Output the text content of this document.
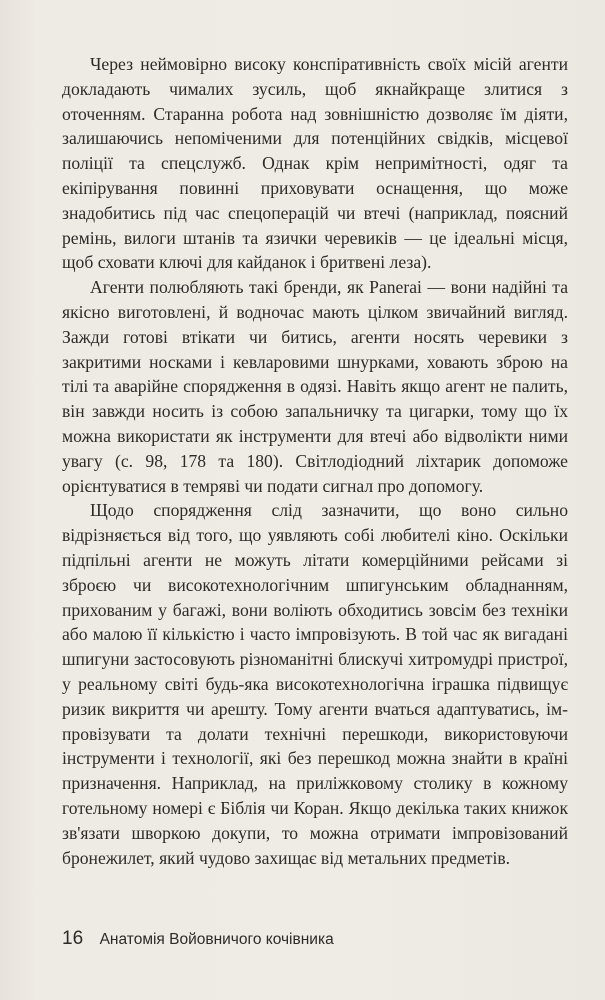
Через неймовірно високу конспіративність своїх місій агенти докладають чималих зусиль, щоб якнайкраще злитися з оточенням. Старанна робота над зовнішністю дозволяє їм діяти, залишаючись непоміченими для потенційних свідків, місцевої поліції та спецслужб. Однак крім непримітності, одяг та екіпірування повинні приховувати оснащення, що може знадобитись під час спецоперацій чи втечі (наприклад, поясний ремінь, вилоги штанів та язички черевиків — це ідеальні місця, щоб сховати ключі для кайданок і бритвені леза).

Агенти полюбляють такі бренди, як Panerai — вони надійні та якісно виготовлені, й водночас мають цілком звичайний вигляд. Зажди готові втікати чи битись, агенти носять черевики з закритими носками і кевларовими шнурками, ховають зброю на тілі та аварійне спорядження в одязі. Навіть якщо агент не палить, він завжди носить із собою запальничку та цигарки, тому що їх можна використати як інструменти для втечі або відволікти ними увагу (с. 98, 178 та 180). Світлодіодний ліхтарик допоможе орієнтуватися в темряві чи подати сигнал про допомогу.

Щодо спорядження слід зазначити, що воно сильно відрізняється від того, що уявляють собі любителі кіно. Оскільки підпільні агенти не можуть літати комерційними рейсами зі зброєю чи високотехнологічним шпигунським обладнанням, прихованим у багажі, вони воліють обходитись зовсім без техніки або малою її кількістю і часто імпровізують. В той час як вигадані шпигуни застосовують різноманітні блискучі хитромудрі пристрої, у реальному світі будь-яка високотехнологічна іграшка підвищує ризик викриття чи арешту. Тому агенти вчаться адаптуватись, імпровізувати та долати технічні перешкоди, використовуючи інструменти і технології, які без перешкод можна знайти в країні призначення. Наприклад, на приліжковому столику в кожному готельному номері є Біблія чи Коран. Якщо декілька таких книжок зв'язати шворкою докупи, то можна отримати імпровізований бронежилет, який чудово захищає від метальних предметів.

16 Анатомія Войовничого кочівника
